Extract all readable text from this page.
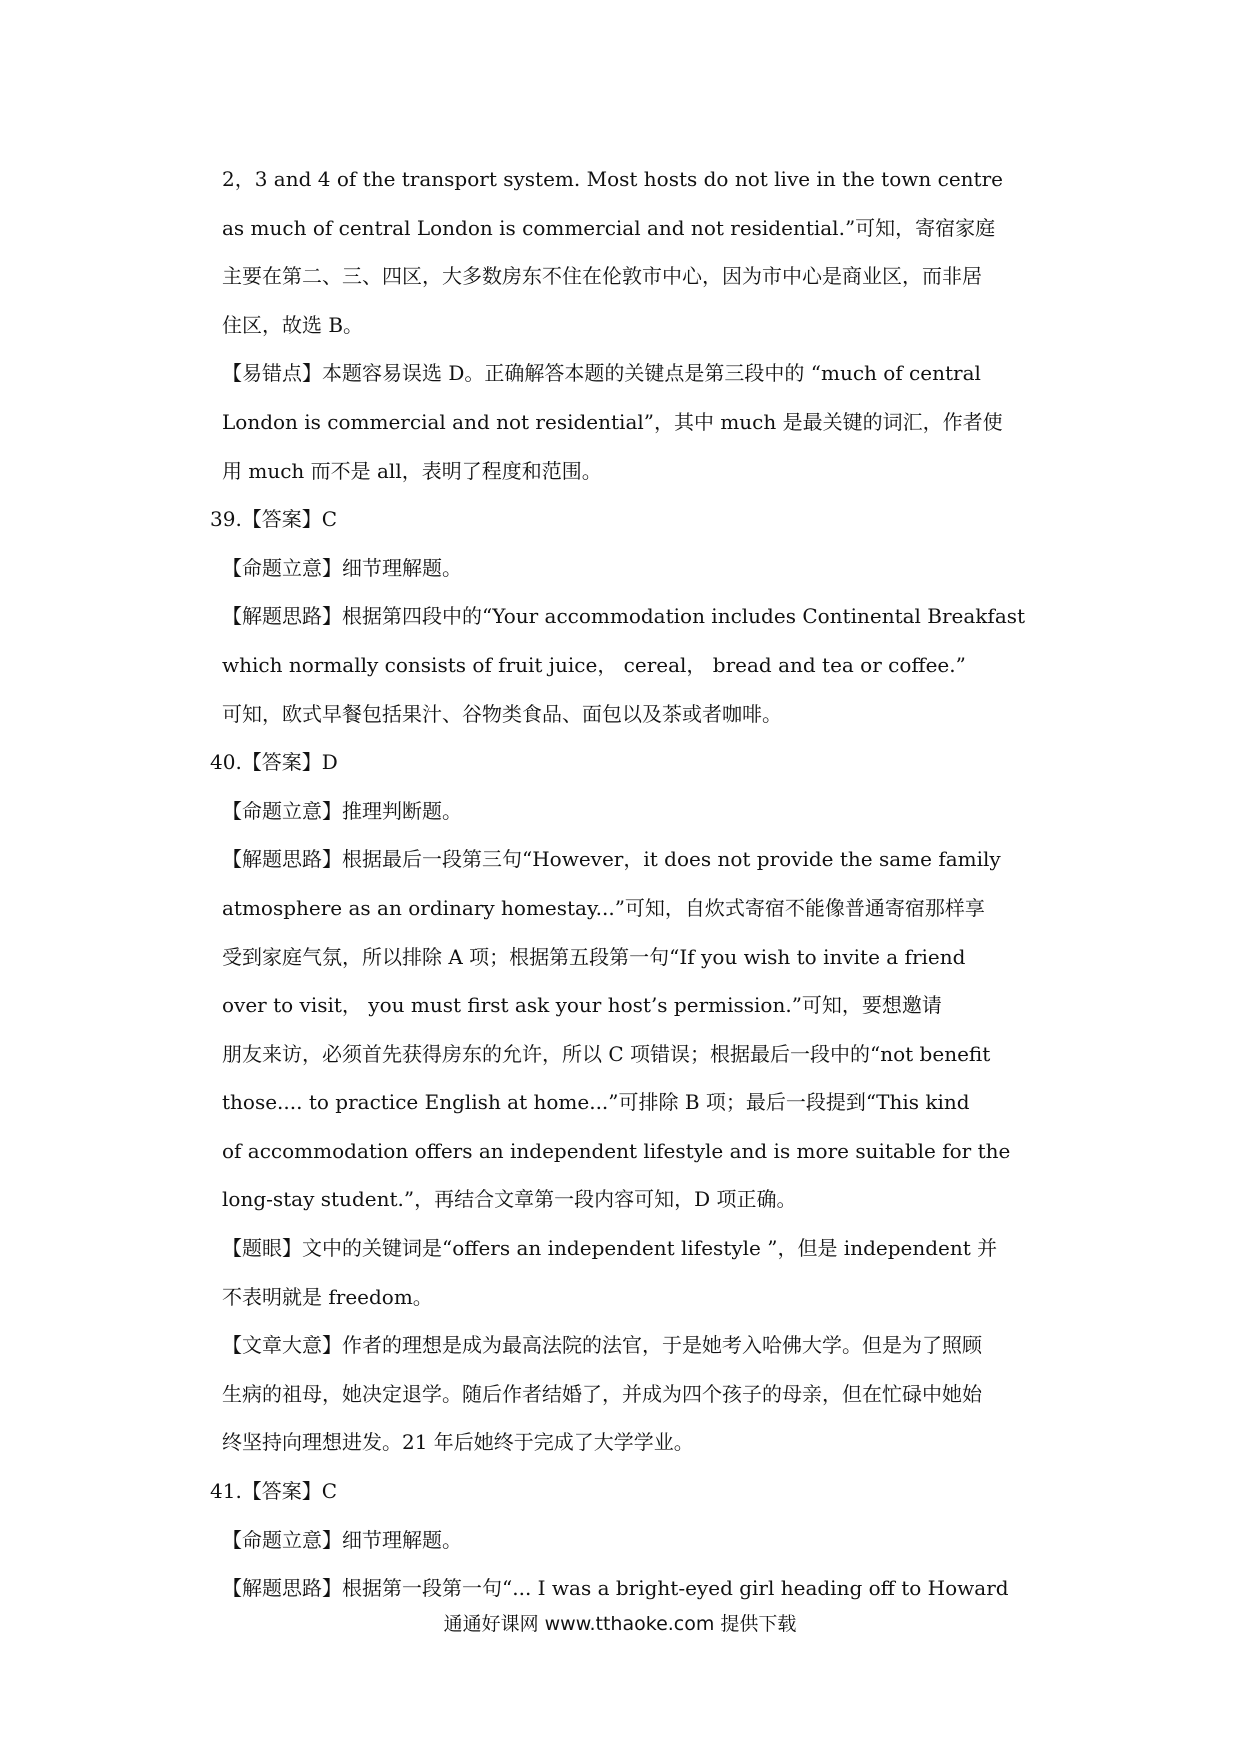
2，3 and 4 of the transport system. Most hosts do not live in the town centre
as much of central London is commercial and not residential.”可知，寄宿家庭
主要在第二、三、四区，大多数房东不住在伦敦市中心，因为市中心是商业区，而非居
住区，故选 B。
【易错点】本题容易误选 D。正确解答本题的关键点是第三段中的 “much of central
London is commercial and not residential”，其中 much 是最关键的词汇，作者使
用 much 而不是 all，表明了程度和范围。
39.【答案】C
【命题立意】细节理解题。
【解题思路】根据第四段中的“Your accommodation includes Continental Breakfast
which normally consists of fruit juice， cereal， bread and tea or coffee.”
可知，欧式早餐包括果汁、谷物类食品、面包以及茶或者咖啡。
40.【答案】D
【命题立意】推理判断题。
【解题思路】根据最后一段第三句“However，it does not provide the same family
atmosphere as an ordinary homestay...”可知，自炊式寄宿不能像普通寄宿那样享
受到家庭气氛，所以排除 A 项；根据第五段第一句“If you wish to invite a friend
over to visit， you must first ask your host’s permission.”可知，要想邀请
朋友来访，必须首先获得房东的允许，所以 C 项错误；根据最后一段中的“not benefit
those.... to practice English at home...”可排除 B 项；最后一段提到“This kind
of accommodation offers an independent lifestyle and is more suitable for the
long-stay student.”，再结合文章第一段内容可知，D 项正确。
【题眼】文中的关键词是“offers an independent lifestyle ”，但是 independent 并
不表明就是 freedom。
【文章大意】作者的理想是成为最高法院的法官，于是她考入哈佛大学。但是为了照顾
生病的祖母，她决定退学。随后作者结婚了，并成为四个孩子的母亲，但在忙碌中她始
终坚持向理想进发。21 年后她终于完成了大学学业。
41.【答案】C
【命题立意】细节理解题。
【解题思路】根据第一段第一句“... I was a bright-eyed girl heading off to Howard
通通好课网 www.tthaoke.com 提供下载
